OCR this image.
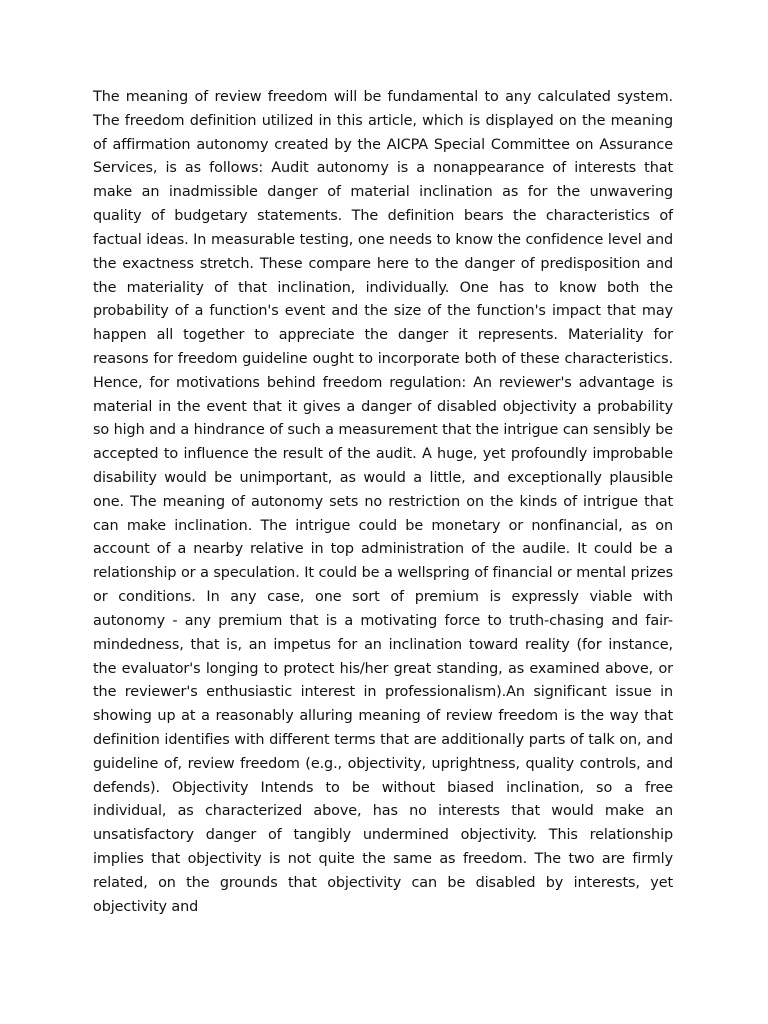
The meaning of review freedom will be fundamental to any calculated system. The freedom definition utilized in this article, which is displayed on the meaning of affirmation autonomy created by the AICPA Special Committee on Assurance Services, is as follows: Audit autonomy is a nonappearance of interests that make an inadmissible danger of material inclination as for the unwavering quality of budgetary statements. The definition bears the characteristics of factual ideas. In measurable testing, one needs to know the confidence level and the exactness stretch. These compare here to the danger of predisposition and the materiality of that inclination, individually. One has to know both the probability of a function's event and the size of the function's impact that may happen all together to appreciate the danger it represents. Materiality for reasons for freedom guideline ought to incorporate both of these characteristics. Hence, for motivations behind freedom regulation: An reviewer's advantage is material in the event that it gives a danger of disabled objectivity a probability so high and a hindrance of such a measurement that the intrigue can sensibly be accepted to influence the result of the audit. A huge, yet profoundly improbable disability would be unimportant, as would a little, and exceptionally plausible one. The meaning of autonomy sets no restriction on the kinds of intrigue that can make inclination. The intrigue could be monetary or nonfinancial, as on account of a nearby relative in top administration of the audile. It could be a relationship or a speculation. It could be a wellspring of financial or mental prizes or conditions. In any case, one sort of premium is expressly viable with autonomy - any premium that is a motivating force to truth-chasing and fair-mindedness, that is, an impetus for an inclination toward reality (for instance, the evaluator's longing to protect his/her great standing, as examined above, or the reviewer's enthusiastic interest in professionalism).An significant issue in showing up at a reasonably alluring meaning of review freedom is the way that definition identifies with different terms that are additionally parts of talk on, and guideline of, review freedom (e.g., objectivity, uprightness, quality controls, and defends). Objectivity Intends to be without biased inclination, so a free individual, as characterized above, has no interests that would make an unsatisfactory danger of tangibly undermined objectivity. This relationship implies that objectivity is not quite the same as freedom. The two are firmly related, on the grounds that objectivity can be disabled by interests, yet objectivity and
